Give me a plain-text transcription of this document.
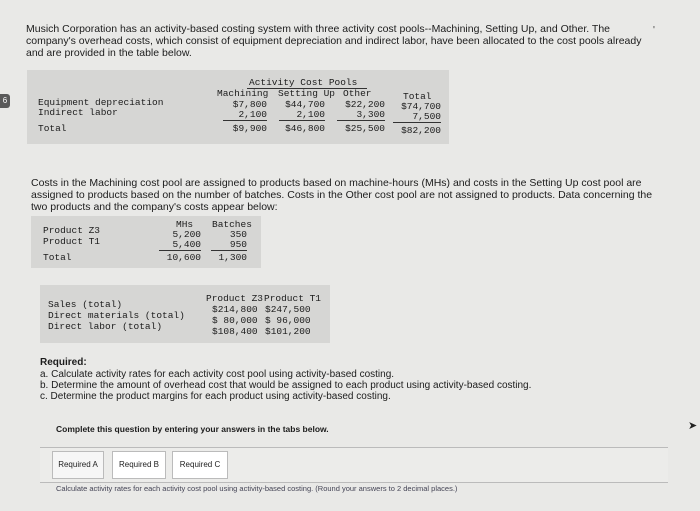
6
Musich Corporation has an activity-based costing system with three activity cost pools--Machining, Setting Up, and Other. The
company's overhead costs, which consist of equipment depreciation and indirect labor, have been allocated to the cost pools already
and are provided in the table below.
'
Activity Cost Pools
Machining Setting Up Other	Total
Equipment depreciation	$7,800	$44,700	$22,200	$74,700
Indirect labor	2,100	2,100	3,300	7,500
Total	$9,900	$46,800	$25,500	$82,200
Costs in the Machining cost pool are assigned to products based on machine-hours (MHs) and costs in the Setting Up cost pool are
assigned to products based on the number of batches. Costs in the Other cost pool are not assigned to products. Data concerning the
two products and the company's costs appear below:
MHs Batches
Product Z3	5,200	350
Product T1	5,400	950
Total	10,600	1,300
Product Z3 Product T1
Sales (total)	$214,800 $247,500
Direct materials (total)	$ 80,000 $ 96,000
Direct labor (total)	$108,400 $101,200
Required:
a. Calculate activity rates for each activity cost pool using activity-based costing.
b. Determine the amount of overhead cost that would be assigned to each product using activity-based costing.
c. Determine the product margins for each product using activity-based costing.
Complete this question by entering your answers in the tabs below.	➤
Required A	Required B	Required C
Calculate activity rates for each activity cost pool using activity-based costing. (Round your answers to 2 decimal places.)
